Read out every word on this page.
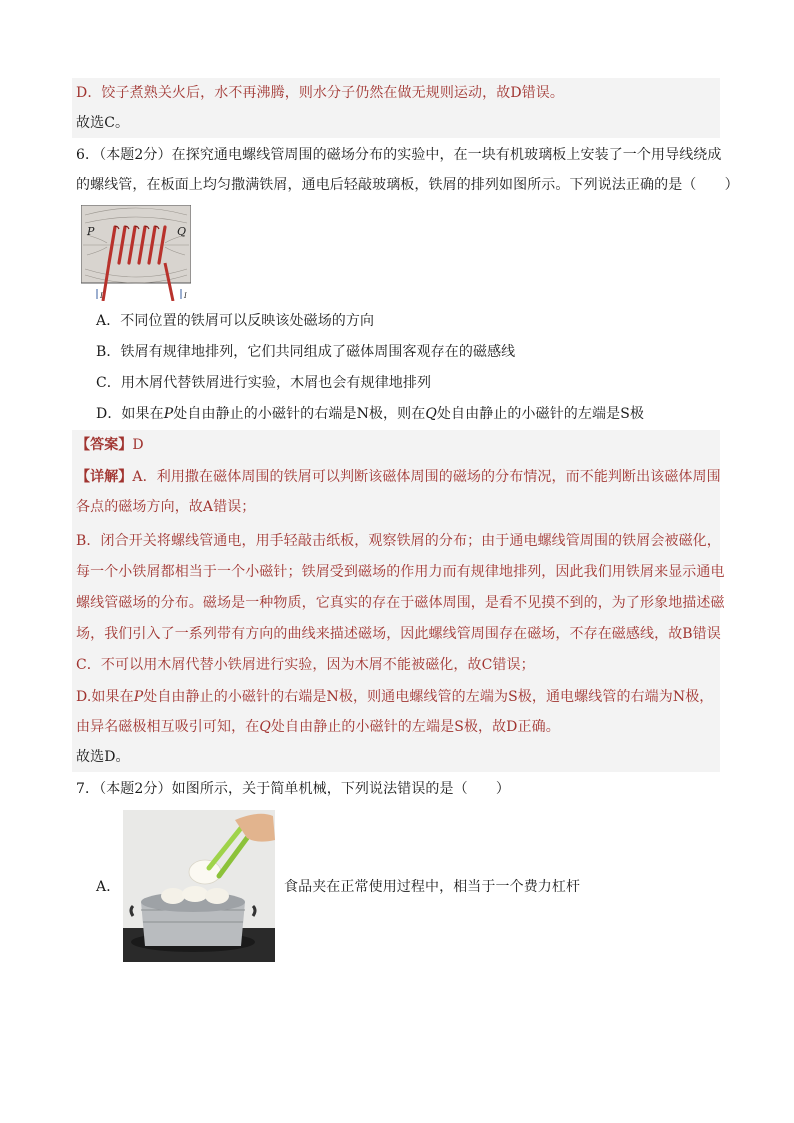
D．饺子煮熟关火后，水不再沸腾，则水分子仍然在做无规则运动，故D错误。
故选C。
6．（本题2分）在探究通电螺线管周围的磁场分布的实验中，在一块有机玻璃板上安装了一个用导线绕成
的螺线管，在板面上均匀撒满铁屑，通电后轻敲玻璃板，铁屑的排列如图所示。下列说法正确的是（　　）
P	Q
I	I
A．不同位置的铁屑可以反映该处磁场的方向
B．铁屑有规律地排列，它们共同组成了磁体周围客观存在的磁感线
C．用木屑代替铁屑进行实验，木屑也会有规律地排列
D．如果在P处自由静止的小磁针的右端是N极，则在Q处自由静止的小磁针的左端是S极
【答案】D
【详解】A．利用撒在磁体周围的铁屑可以判断该磁体周围的磁场的分布情况，而不能判断出该磁体周围
各点的磁场方向，故A错误；
B．闭合开关将螺线管通电，用手轻敲击纸板，观察铁屑的分布；由于通电螺线管周围的铁屑会被磁化，
每一个小铁屑都相当于一个小磁针；铁屑受到磁场的作用力而有规律地排列，因此我们用铁屑来显示通电
螺线管磁场的分布。磁场是一种物质，它真实的存在于磁体周围，是看不见摸不到的，为了形象地描述磁
场，我们引入了一系列带有方向的曲线来描述磁场，因此螺线管周围存在磁场，不存在磁感线，故B错误
C．不可以用木屑代替小铁屑进行实验，因为木屑不能被磁化，故C错误；
D.如果在P处自由静止的小磁针的右端是N极，则通电螺线管的左端为S极，通电螺线管的右端为N极，
由异名磁极相互吸引可知，在Q处自由静止的小磁针的左端是S极，故D正确。
故选D。
7．（本题2分）如图所示，关于简单机械，下列说法错误的是（　　）
A．	食品夹在正常使用过程中，相当于一个费力杠杆
